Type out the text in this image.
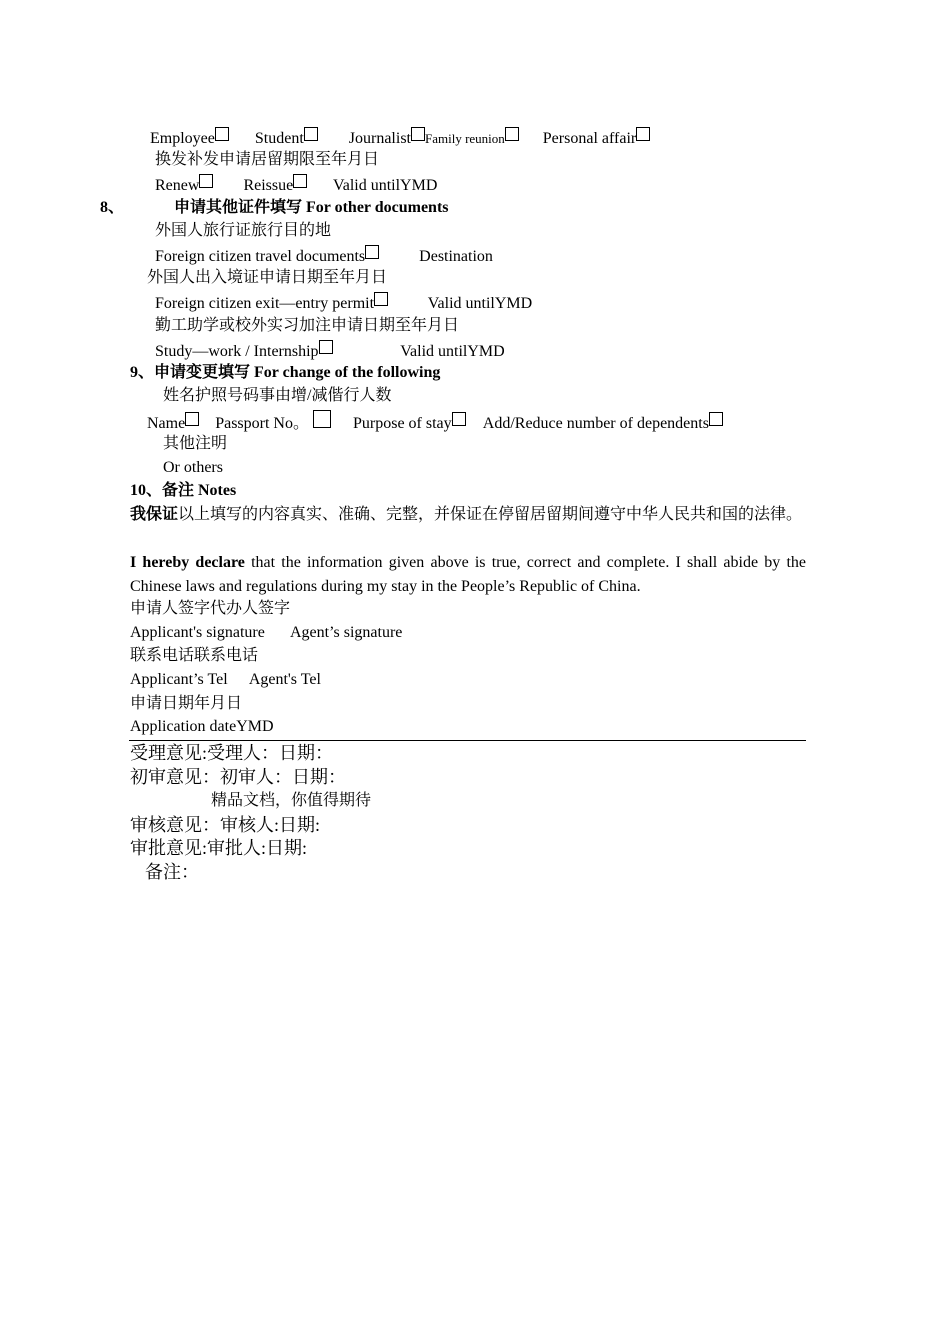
Employee	Student	Journalist Family reunion Personal affair
换发补发申请居留期限至年月日
Renew	Reissue Valid untilYMD
8、	申请其他证件填写 For other documents
外国人旅行证旅行目的地
Foreign citizen travel documents	Destination
外国人出入境证申请日期至年月日
Foreign citizen exit—entry permit	Valid untilYMD
勤工助学或校外实习加注申请日期至年月日
Study—work / Internship	Valid untilYMD
9、申请变更填写 For change of the following
姓名护照号码事由增/减偕行人数
Name Passport No。	Purpose of stay Add/Reduce number of dependents
其他注明
Or others
10、备注 Notes
我保证以上填写的内容真实、准确、完整，并保证在停留居留期间遵守中华人民共和国的法律。
I hereby declare that the information given above is true, correct and complete. I shall abide by the Chinese laws and regulations during my stay in the People’s Republic of China.
申请人签字代办人签字
Applicant's signature Agent’s signature
联系电话联系电话
Applicant’s Tel Agent's Tel
申请日期年月日
Application dateYMD
受理意见:受理人：日期：
初审意见：初审人：日期：
精品文档，你值得期待
审核意见：审核人:日期:
审批意见:审批人:日期:
备注：
